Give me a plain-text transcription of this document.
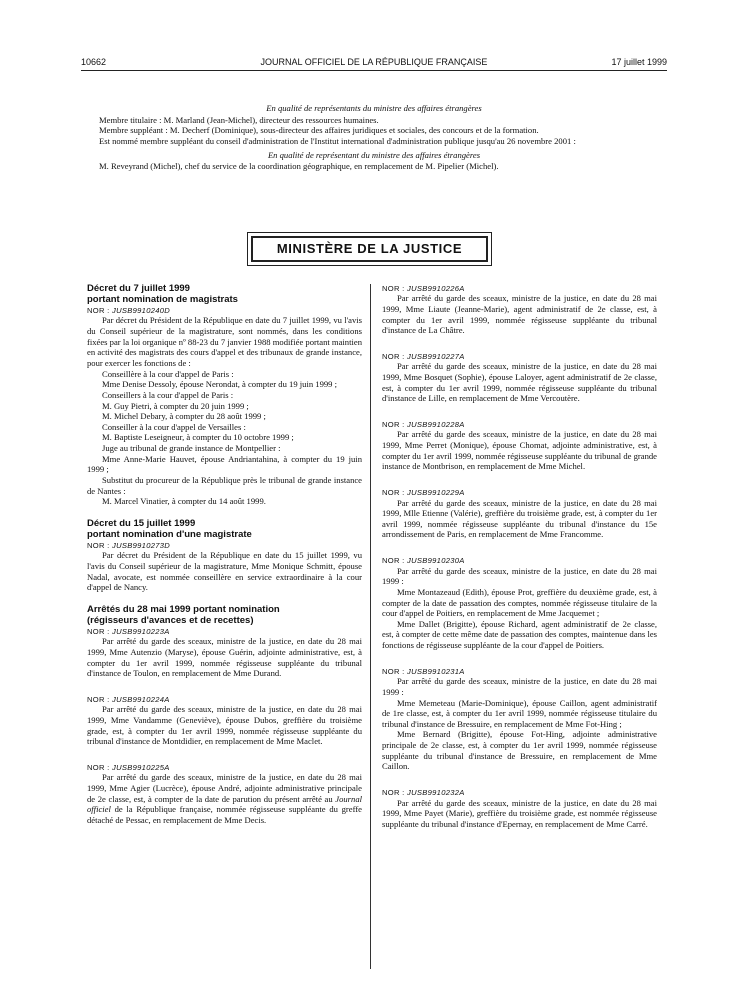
10662	JOURNAL OFFICIEL DE LA RÉPUBLIQUE FRANÇAISE	17 juillet 1999

En qualité de représentants du ministre des affaires étrangères

Membre titulaire : M. Marland (Jean-Michel), directeur des ressources humaines.

Membre suppléant : M. Decherf (Dominique), sous-directeur des affaires juridiques et sociales, des concours et de la formation.

Est nommé membre suppléant du conseil d'administration de l'Institut international d'administration publique jusqu'au 26 novembre 2001 :

En qualité de représentant du ministre des affaires étrangères

M. Reveyrand (Michel), chef du service de la coordination géographique, en remplacement de M. Pipelier (Michel).

MINISTÈRE DE LA JUSTICE

Décret du 7 juillet 1999

portant nomination de magistrats

NOR : JUSB9910240D

Par décret du Président de la République en date du 7 juillet 1999, vu l'avis du Conseil supérieur de la magistrature, sont nommés, dans les conditions fixées par la loi organique nº 88-23 du 7 janvier 1988 modifiée portant maintien en activité des magistrats des cours d'appel et des tribunaux de grande instance, pour exercer les fonctions de :

Conseillère à la cour d'appel de Paris :

Mme Denise Dessoly, épouse Nerondat, à compter du 19 juin 1999 ;

Conseillers à la cour d'appel de Paris :

M. Guy Pietri, à compter du 20 juin 1999 ;

M. Michel Debary, à compter du 28 août 1999 ;

Conseiller à la cour d'appel de Versailles :

M. Baptiste Leseigneur, à compter du 10 octobre 1999 ;

Juge au tribunal de grande instance de Montpellier :

Mme Anne-Marie Hauvet, épouse Andriantahina, à compter du 19 juin 1999 ;

Substitut du procureur de la République près le tribunal de grande instance de Nantes :

M. Marcel Vinatier, à compter du 14 août 1999.

Décret du 15 juillet 1999

portant nomination d'une magistrate

NOR : JUSB9910273D

Par décret du Président de la République en date du 15 juillet 1999, vu l'avis du Conseil supérieur de la magistrature, Mme Monique Schmitt, épouse Nadal, avocate, est nommée conseillère en service extraordinaire à la cour d'appel de Nancy.

Arrêtés du 28 mai 1999 portant nomination

(régisseurs d'avances et de recettes)

NOR : JUSB9910223A

Par arrêté du garde des sceaux, ministre de la justice, en date du 28 mai 1999, Mme Autenzio (Maryse), épouse Guérin, adjointe administrative, est, à compter du 1er avril 1999, nommée régisseuse suppléante du tribunal d'instance de Toulon, en remplacement de Mme Durand.

NOR : JUSB9910224A

Par arrêté du garde des sceaux, ministre de la justice, en date du 28 mai 1999, Mme Vandamme (Geneviève), épouse Dubos, greffière du troisième grade, est, à compter du 1er avril 1999, nommée régisseuse suppléante du tribunal d'instance de Montdidier, en remplacement de Mme Maclet.

NOR : JUSB9910225A

Par arrêté du garde des sceaux, ministre de la justice, en date du 28 mai 1999, Mme Agier (Lucrèce), épouse André, adjointe administrative principale de 2e classe, est, à compter de la date de parution du présent arrêté au Journal officiel de la République française, nommée régisseuse suppléante du greffe détaché de Pessac, en remplacement de Mme Decis.

NOR : JUSB9910226A

Par arrêté du garde des sceaux, ministre de la justice, en date du 28 mai 1999, Mme Liaute (Jeanne-Marie), agent administratif de 2e classe, est, à compter du 1er avril 1999, nommée régisseuse suppléante du tribunal d'instance de La Châtre.

NOR : JUSB9910227A

Par arrêté du garde des sceaux, ministre de la justice, en date du 28 mai 1999, Mme Bosquet (Sophie), épouse Laloyer, agent administratif de 2e classe, est, à compter du 1er avril 1999, nommée régisseuse suppléante du tribunal d'instance de Lille, en remplacement de Mme Vercoutère.

NOR : JUSB9910228A

Par arrêté du garde des sceaux, ministre de la justice, en date du 28 mai 1999, Mme Perret (Monique), épouse Chomat, adjointe administrative, est, à compter du 1er avril 1999, nommée régisseuse suppléante du tribunal de grande instance de Montbrison, en remplacement de Mme Michel.

NOR : JUSB9910229A

Par arrêté du garde des sceaux, ministre de la justice, en date du 28 mai 1999, Mlle Etienne (Valérie), greffière du troisième grade, est, à compter du 1er avril 1999, nommée régisseuse suppléante du tribunal d'instance du 15e arrondissement de Paris, en remplacement de Mme Francomme.

NOR : JUSB9910230A

Par arrêté du garde des sceaux, ministre de la justice, en date du 28 mai 1999 :

Mme Montazeaud (Edith), épouse Prot, greffière du deuxième grade, est, à compter de la date de passation des comptes, nommée régisseuse titulaire de la cour d'appel de Poitiers, en remplacement de Mme Jacquemet ;

Mme Dallet (Brigitte), épouse Richard, agent administratif de 2e classe, est, à compter de cette même date de passation des comptes, maintenue dans les fonctions de régisseuse suppléante de la cour d'appel de Poitiers.

NOR : JUSB9910231A

Par arrêté du garde des sceaux, ministre de la justice, en date du 28 mai 1999 :

Mme Memeteau (Marie-Dominique), épouse Caillon, agent administratif de 1re classe, est, à compter du 1er avril 1999, nommée régisseuse titulaire du tribunal d'instance de Bressuire, en remplacement de Mme Fot-Hing ;

Mme Bernard (Brigitte), épouse Fot-Hing, adjointe administrative principale de 2e classe, est, à compter du 1er avril 1999, nommée régisseuse suppléante du tribunal d'instance de Bressuire, en remplacement de Mme Caillon.

NOR : JUSB9910232A

Par arrêté du garde des sceaux, ministre de la justice, en date du 28 mai 1999, Mme Payet (Marie), greffière du troisième grade, est nommée régisseuse suppléante du tribunal d'instance d'Epernay, en remplacement de Mme Carré.
